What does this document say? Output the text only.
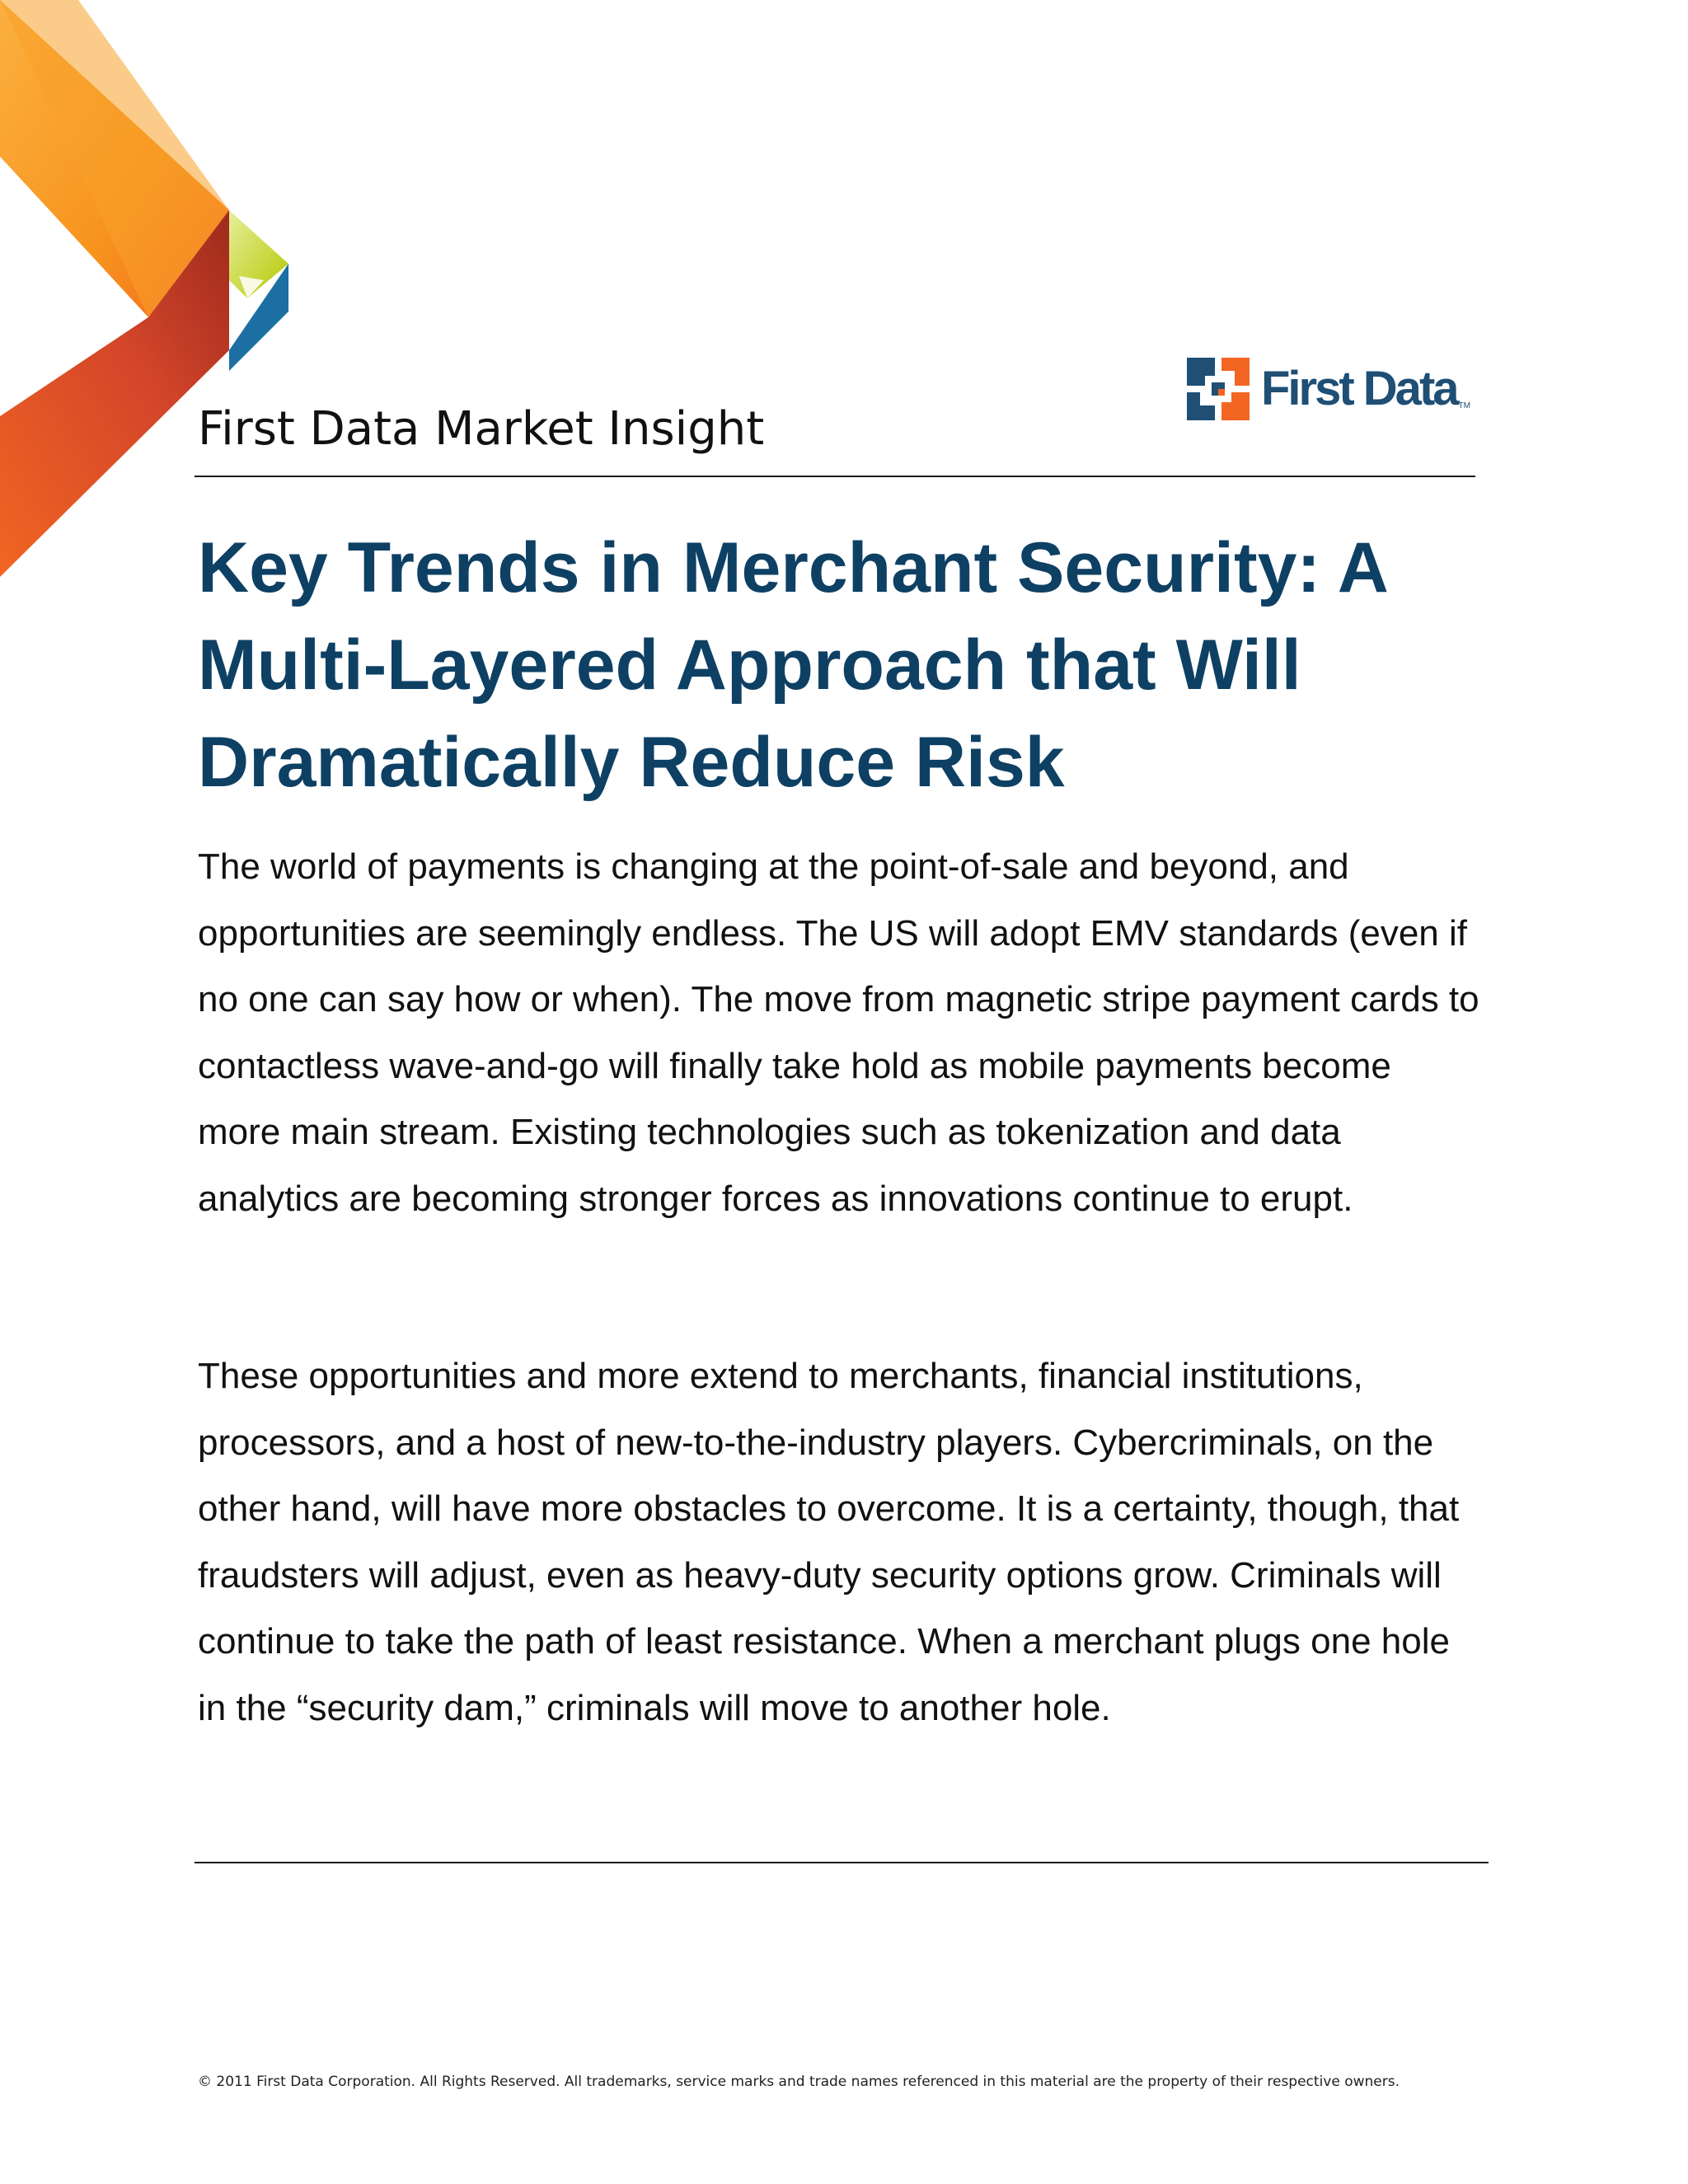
First Data TM
First Data Market Insight
Key Trends in Merchant Security: A Multi-Layered Approach that Will Dramatically Reduce Risk

The world of payments is changing at the point-of-sale and beyond, and opportunities are seemingly endless. The US will adopt EMV standards (even if no one can say how or when). The move from magnetic stripe payment cards to contactless wave-and-go will finally take hold as mobile payments become more main stream. Existing technologies such as tokenization and data analytics are becoming stronger forces as innovations continue to erupt.

These opportunities and more extend to merchants, financial institutions, processors, and a host of new-to-the-industry players. Cybercriminals, on the other hand, will have more obstacles to overcome. It is a certainty, though, that fraudsters will adjust, even as heavy-duty security options grow. Criminals will continue to take the path of least resistance. When a merchant plugs one hole in the “security dam,” criminals will move to another hole.

© 2011 First Data Corporation. All Rights Reserved. All trademarks, service marks and trade names referenced in this material are the property of their respective owners.
